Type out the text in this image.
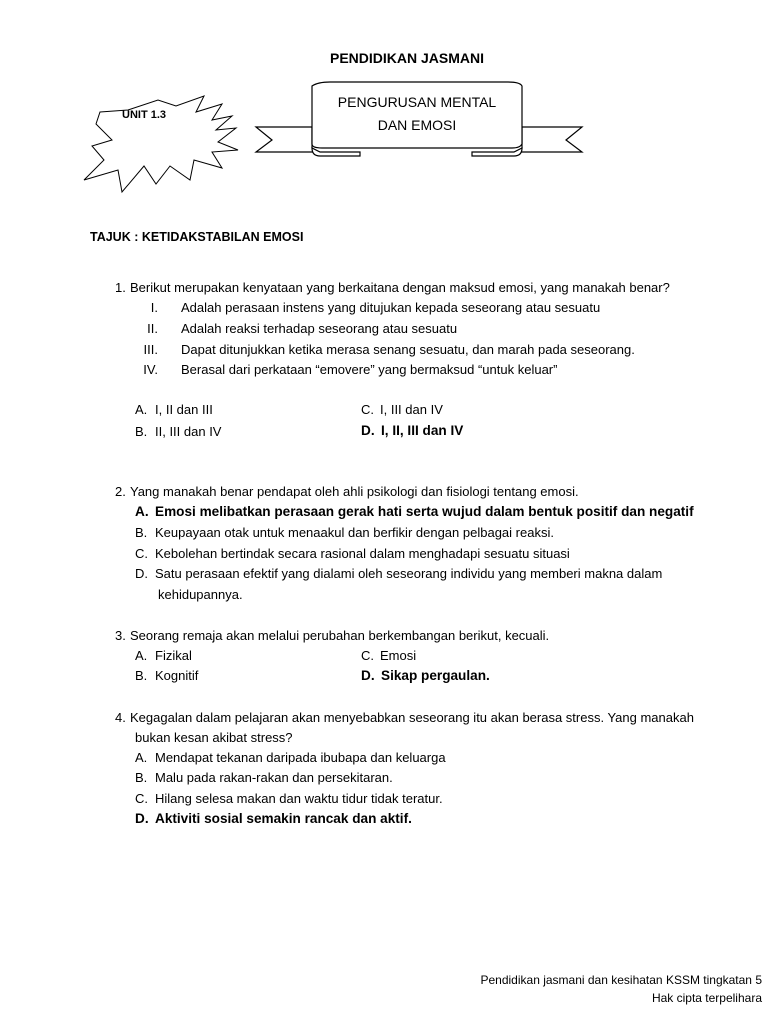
PENDIDIKAN JASMANI
UNIT 1.3
PENGURUSAN MENTAL
DAN EMOSI
TAJUK : KETIDAKSTABILAN EMOSI
1. Berikut merupakan kenyataan yang berkaitana dengan maksud emosi, yang manakah benar?
I. Adalah perasaan instens yang ditujukan kepada seseorang atau sesuatu
II. Adalah reaksi terhadap seseorang atau sesuatu
III. Dapat ditunjukkan ketika merasa senang sesuatu, dan marah pada seseorang.
IV. Berasal dari perkataan “emovere” yang bermaksud “untuk keluar”
A. I, II dan III
B. II, III dan IV
C. I, III dan IV
D. I, II, III dan IV
2. Yang manakah benar pendapat oleh ahli psikologi dan fisiologi tentang emosi.
A. Emosi melibatkan perasaan gerak hati serta wujud dalam bentuk positif dan negatif
B. Keupayaan otak untuk menaakul dan berfikir dengan pelbagai reaksi.
C. Kebolehan bertindak secara rasional dalam menghadapi sesuatu situasi
D. Satu perasaan efektif yang dialami oleh seseorang individu yang memberi makna dalam
kehidupannya.
3. Seorang remaja akan melalui perubahan berkembangan berikut, kecuali.
A. Fizikal
B. Kognitif
C. Emosi
D. Sikap pergaulan.
4. Kegagalan dalam pelajaran akan menyebabkan seseorang itu akan berasa stress. Yang manakah
bukan kesan akibat stress?
A. Mendapat tekanan daripada ibubapa dan keluarga
B. Malu pada rakan-rakan dan persekitaran.
C. Hilang selesa makan dan waktu tidur tidak teratur.
D. Aktiviti sosial semakin rancak dan aktif.
Pendidikan jasmani dan kesihatan KSSM tingkatan 5
Hak cipta terpelihara
